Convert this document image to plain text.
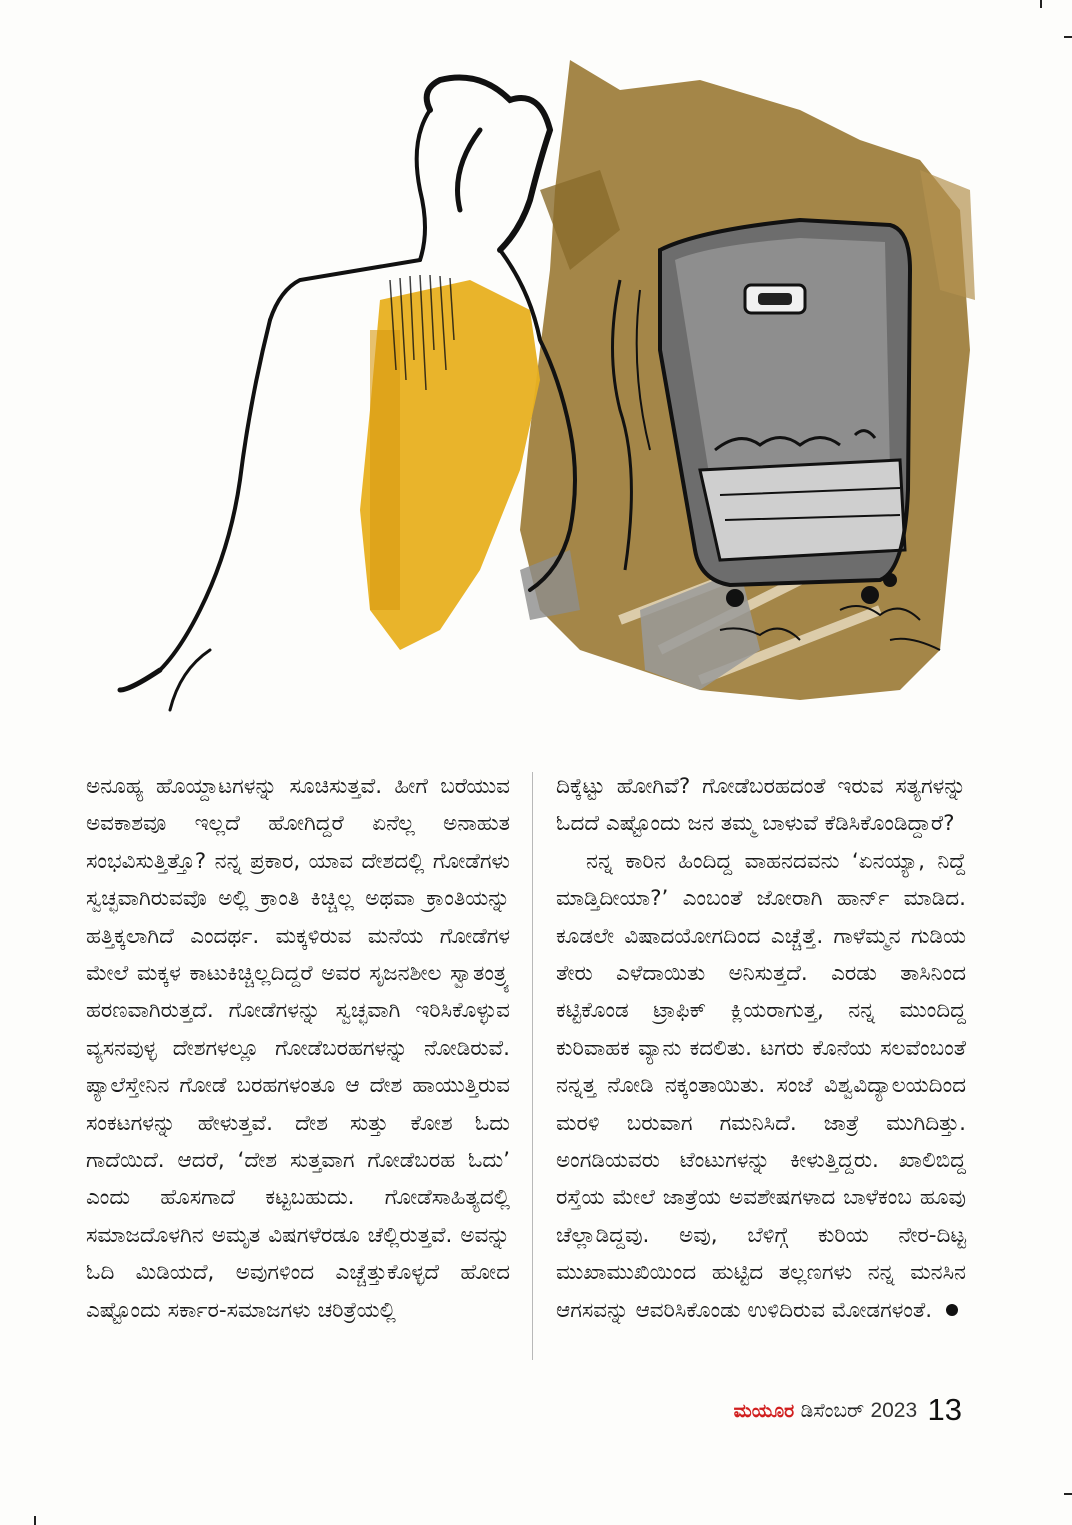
ಅನೂಹ್ಯ ಹೊಯ್ದಾಟಗಳನ್ನು ಸೂಚಿಸುತ್ತವೆ. ಹೀಗೆ ಬರೆಯುವ ಅವಕಾಶವೂ ಇಲ್ಲದೆ ಹೋಗಿದ್ದರೆ ಏನೆಲ್ಲ ಅನಾಹುತ ಸಂಭವಿಸುತ್ತಿತ್ತೊ? ನನ್ನ ಪ್ರಕಾರ, ಯಾವ ದೇಶದಲ್ಲಿ ಗೋಡೆಗಳು ಸ್ವಚ್ಛವಾಗಿರುವವೊ ಅಲ್ಲಿ ಕ್ರಾಂತಿ ಕಿಚ್ಚಿಲ್ಲ ಅಥವಾ ಕ್ರಾಂತಿಯನ್ನು ಹತ್ತಿಕ್ಕಲಾಗಿದೆ ಎಂದರ್ಥ. ಮಕ್ಕಳಿರುವ ಮನೆಯ ಗೋಡೆಗಳ ಮೇಲೆ ಮಕ್ಕಳ ಕಾಟುಕಿಚ್ಚಿಲ್ಲದಿದ್ದರೆ ಅವರ ಸೃಜನಶೀಲ ಸ್ವಾತಂತ್ರ್ಯ ಹರಣವಾಗಿರುತ್ತದೆ. ಗೋಡೆಗಳನ್ನು ಸ್ವಚ್ಛವಾಗಿ ಇರಿಸಿಕೊಳ್ಳುವ ವ್ಯಸನವುಳ್ಳ ದೇಶಗಳಲ್ಲೂ ಗೋಡೆಬರಹಗಳನ್ನು ನೋಡಿರುವೆ. ಪ್ಯಾಲೆಸ್ತೇನಿನ ಗೋಡೆ ಬರಹಗಳಂತೂ ಆ ದೇಶ ಹಾಯುತ್ತಿರುವ ಸಂಕಟಗಳನ್ನು ಹೇಳುತ್ತವೆ. ದೇಶ ಸುತ್ತು ಕೋಶ ಓದು ಗಾದೆಯಿದೆ. ಆದರೆ, ‘ದೇಶ ಸುತ್ತವಾಗ ಗೋಡೆಬರಹ ಓದು’ ಎಂದು ಹೊಸಗಾದೆ ಕಟ್ಟಬಹುದು. ಗೋಡೆಸಾಹಿತ್ಯದಲ್ಲಿ ಸಮಾಜದೊಳಗಿನ ಅಮೃತ ವಿಷಗಳೆರಡೂ ಚೆಲ್ಲಿರುತ್ತವೆ. ಅವನ್ನು ಓದಿ ಮಿಡಿಯದೆ, ಅವುಗಳಿಂದ ಎಚ್ಚೆತ್ತುಕೊಳ್ಳದೆ ಹೋದ ಎಷ್ಟೊಂದು ಸರ್ಕಾರ-ಸಮಾಜಗಳು ಚರಿತ್ರೆಯಲ್ಲಿ

ದಿಕ್ಕೆಟ್ಟು ಹೋಗಿವೆ? ಗೋಡೆಬರಹದಂತೆ ಇರುವ ಸತ್ಯಗಳನ್ನು ಓದದೆ ಎಷ್ಟೊಂದು ಜನ ತಮ್ಮ ಬಾಳುವೆ ಕೆಡಿಸಿಕೊಂಡಿದ್ದಾರೆ?

ನನ್ನ ಕಾರಿನ ಹಿಂದಿದ್ದ ವಾಹನದವನು ‘ಏನಯ್ಯಾ, ನಿದ್ದೆ ಮಾಡ್ತಿದೀಯಾ?’ ಎಂಬಂತೆ ಜೋರಾಗಿ ಹಾರ್ನ್ ಮಾಡಿದ. ಕೂಡಲೇ ವಿಷಾದಯೋಗದಿಂದ ಎಚ್ಚೆತ್ತೆ. ಗಾಳೆಮ್ಮನ ಗುಡಿಯ ತೇರು ಎಳೆದಾಯಿತು ಅನಿಸುತ್ತದೆ. ಎರಡು ತಾಸಿನಿಂದ ಕಟ್ಟಿಕೊಂಡ ಟ್ರಾಫಿಕ್ ಕ್ಲಿಯರಾಗುತ್ತ, ನನ್ನ ಮುಂದಿದ್ದ ಕುರಿವಾಹಕ ವ್ಯಾನು ಕದಲಿತು. ಟಗರು ಕೊನೆಯ ಸಲವೆಂಬಂತೆ ನನ್ನತ್ತ ನೋಡಿ ನಕ್ಕಂತಾಯಿತು. ಸಂಜೆ ವಿಶ್ವವಿದ್ಯಾಲಯದಿಂದ ಮರಳಿ ಬರುವಾಗ ಗಮನಿಸಿದೆ. ಜಾತ್ರೆ ಮುಗಿದಿತ್ತು. ಅಂಗಡಿಯವರು ಟೆಂಟುಗಳನ್ನು ಕೀಳುತ್ತಿದ್ದರು. ಖಾಲಿಬಿದ್ದ ರಸ್ತೆಯ ಮೇಲೆ ಜಾತ್ರೆಯ ಅವಶೇಷಗಳಾದ ಬಾಳೆಕಂಬ ಹೂವು ಚೆಲ್ಲಾಡಿದ್ದವು. ಅವು, ಬೆಳಿಗ್ಗೆ ಕುರಿಯ ನೇರ-ದಿಟ್ಟ ಮುಖಾಮುಖಿಯಿಂದ ಹುಟ್ಟಿದ ತಲ್ಲಣಗಳು ನನ್ನ ಮನಸಿನ ಆಗಸವನ್ನು ಆವರಿಸಿಕೊಂಡು ಉಳಿದಿರುವ ಮೋಡಗಳಂತೆ.

ಮಯೂರ ಡಿಸೆಂಬರ್ 2023 13
